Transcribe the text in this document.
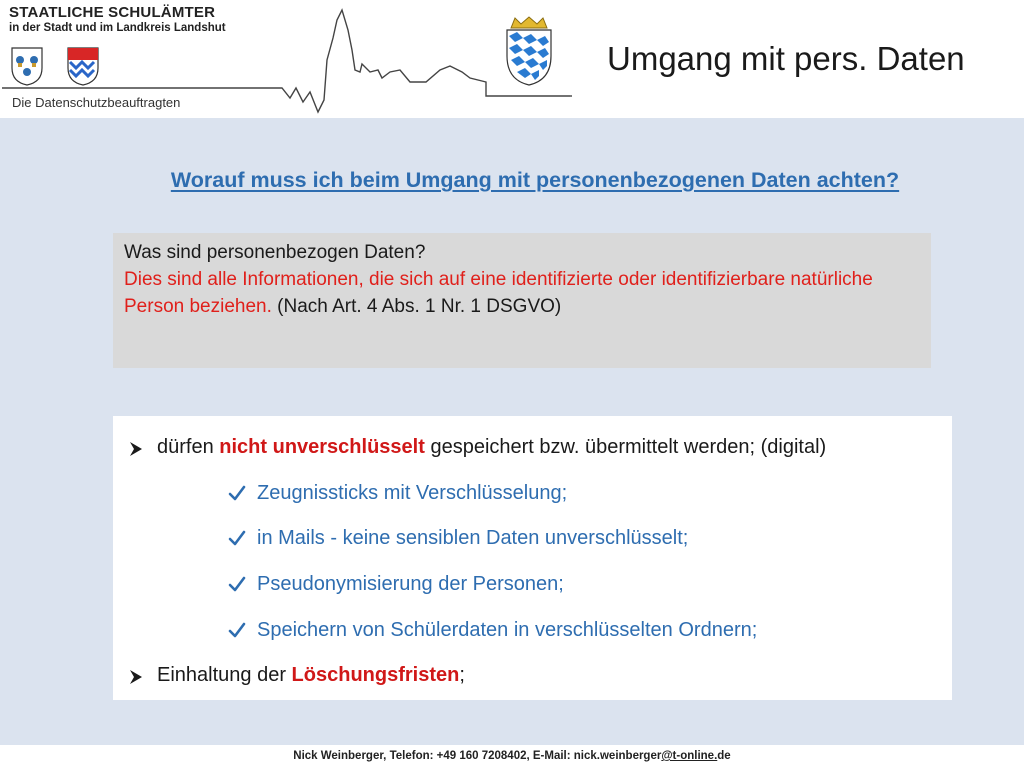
STAATLICHE SCHULÄMTER
in der Stadt und im Landkreis Landshut
Die Datenschutzbeauftragten
Umgang mit pers. Daten
Worauf muss ich beim Umgang mit personenbezogenen Daten achten?
Was sind personenbezogen Daten?
Dies sind alle Informationen, die sich auf eine identifizierte oder identifizierbare natürliche Person beziehen. (Nach Art. 4 Abs. 1 Nr. 1 DSGVO)
dürfen nicht unverschlüsselt gespeichert bzw. übermittelt werden; (digital)
Zeugnissticks mit Verschlüsselung;
in Mails - keine sensiblen Daten unverschlüsselt;
Pseudonymisierung der Personen;
Speichern von Schülerdaten in verschlüsselten Ordnern;
Einhaltung der Löschungsfristen;
Nick Weinberger, Telefon: +49 160 7208402, E-Mail: nick.weinberger@t-online.de
